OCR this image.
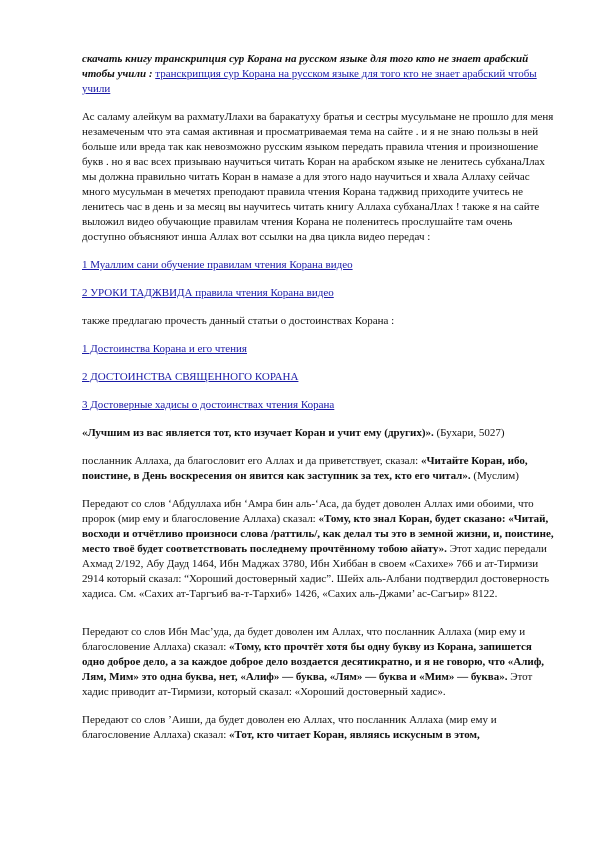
скачать книгу транскрипция сур Корана на русском языке для того кто не знает арабский чтобы учили : транскрипция сур Корана на русском языке для того кто не знает арабский чтобы учили

Ас саламу алейкум ва рахматуЛлахи ва баракатуху братья и сестры мусульмане не прошло для меня незамеченым что эта самая активная и просматриваемая тема на сайте . и я не знаю пользы в ней больше или вреда так как невозможно русским языком передать правила чтения и произношение букв . но я вас всех призываю научиться читать Коран на арабском языке не ленитесь субханаЛлах мы должна правильно читать Коран в намазе а для этого надо научиться и хвала Аллаху сейчас много мусульман в мечетях преподают правила чтения Корана таджвид приходите учитесь не ленитесь час в день и за месяц вы научитесь читать книгу Аллаха субханаЛлах ! также я на сайте выложил видео обучающие правилам чтения Корана не поленитесь прослушайте там очень доступно объясняют инша Аллах вот ссылки на два цикла видео передач :

1 Муаллим сани обучение правилам чтения Корана видео

2 УРОКИ ТАДЖВИДА правила чтения Корана видео

также предлагаю прочесть данный статьи о достоинствах Корана :

1 Достоинства Корана и его чтения

2 ДОСТОИНСТВА СВЯЩЕННОГО КОРАНА

3 Достоверные хадисы о достоинствах чтения Корана

«Лучшим из вас является тот, кто изучает Коран и учит ему (других)». (Бухари, 5027)

посланник Аллаха, да благословит его Аллах и да приветствует, сказал: «Читайте Коран, ибо, поистине, в День воскресения он явится как заступник за тех, кто его читал». (Муслим)

Передают со слов ‘Абдуллаха ибн ‘Амра бин аль-‘Аса, да будет доволен Аллах ими обоими, что пророк (мир ему и благословение Аллаха) сказал: «Тому, кто знал Коран, будет сказано: «Читай, восходи и отчётливо произноси слова /раттиль/, как делал ты это в земной жизни, и, поистине, место твоё будет соответствовать последнему прочтённому тобою айату». Этот хадис передали Ахмад 2/192, Абу Дауд 1464, Ибн Маджах 3780, Ибн Хиббан в своем «Сахихе» 766 и ат-Тирмизи 2914 который сказал: “Хороший достоверный хадис”. Шейх аль-Албани подтвердил достоверность хадиса. См. «Сахих ат-Таргъиб ва-т-Тархиб» 1426, «Сахих аль-Джами’ ас-Сагъир» 8122.

Передают со слов Ибн Мас’уда, да будет доволен им Аллах, что посланник Аллаха (мир ему и благословение Аллаха) сказал: «Тому, кто прочтёт хотя бы одну букву из Корана, запишется одно доброе дело, а за каждое доброе дело воздается десятикратно, и я не говорю, что «Алиф, Лям, Мим» это одна буква, нет, «Алиф» — буква, «Лям» — буква и «Мим» — буква». Этот хадис приводит ат-Тирмизи, который сказал: «Хороший достоверный хадис».

Передают со слов ’Аиши, да будет доволен ею Аллах, что посланник Аллаха (мир ему и благословение Аллаха) сказал: «Тот, кто читает Коран, являясь искусным в этом,
